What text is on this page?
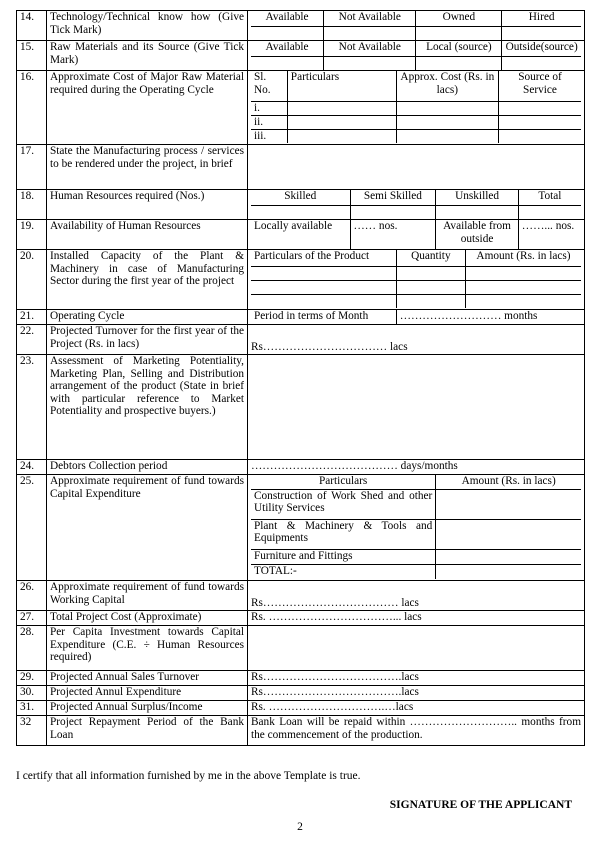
14.	Technology/Technical know how (Give Tick Mark)	
Available	Not Available	Owned	Hired

15.	Raw Materials and its Source (Give Tick Mark)	
Available	Not Available	Local (source)	Outside(source)

16.	Approximate Cost of Major Raw Material required during the Operating Cycle	
Sl. No.	Particulars	Approx. Cost (Rs. in lacs)	Source of Service
i.			
ii.			
iii.			

17.	State the Manufacturing process / services to be rendered under the project, in brief	
18.	Human Resources required (Nos.)		Skilled	Semi Skilled	Unskilled	Total

19.	Availability of Human Resources		Locally available	…… nos.	Available from outside	……... nos.

20.	Installed Capacity of the Plant & Machinery in case of Manufacturing Sector during the first year of the project	
Particulars of the Product	Quantity	Amount (Rs. in lacs)

21.	Operating Cycle		Period in terms of Month	……………………… months

22.	Projected Turnover for the first year of the Project (Rs. in lacs)	Rs…………………………… lacs
23.	Assessment of Marketing Potentiality, Marketing Plan, Selling and Distribution arrangement of the product (State in brief with particular reference to Market Potentiality and prospective buyers.)	
24.	Debtors Collection period	………………………………… days/months
25.	Approximate requirement of fund towards Capital Expenditure	
Particulars	Amount (Rs. in lacs)
Construction of Work Shed and other Utility Services	
Plant & Machinery & Tools and Equipments	
Furniture and Fittings	
TOTAL:-	

26.	Approximate requirement of fund towards Working Capital	Rs……………………………… lacs
27.	Total Project Cost (Approximate)	Rs. ……………………………... lacs
28.	Per Capita Investment towards Capital Expenditure (C.E. ÷ Human Resources required)	
29.	Projected Annual Sales Turnover	Rs……………………………….lacs
30.	Projected Annul Expenditure	Rs……………………………….lacs
31.	Projected Annual Surplus/Income	Rs. ………………………….…lacs
32	Project Repayment Period of the Bank Loan	Bank Loan will be repaid within ……………………….. months from the commencement of the production.
I certify that all information furnished by me in the above Template is true.
SIGNATURE OF THE APPLICANT
2
